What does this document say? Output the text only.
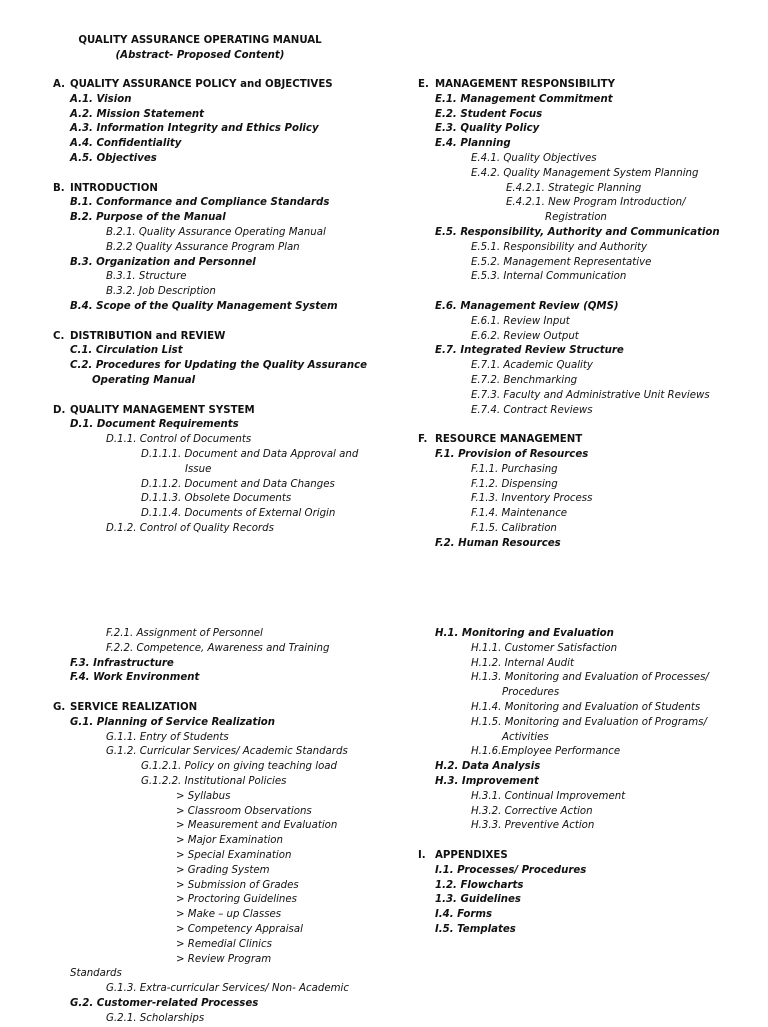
QUALITY ASSURANCE OPERATING MANUAL
(Abstract- Proposed Content)
A. QUALITY ASSURANCE POLICY and OBJECTIVES
A.1. Vision
A.2. Mission Statement
A.3. Information Integrity and Ethics Policy
A.4. Confidentiality
A.5. Objectives
B. INTRODUCTION
B.1. Conformance and Compliance Standards
B.2. Purpose of the Manual
B.2.1. Quality Assurance Operating Manual
B.2.2 Quality Assurance Program Plan
B.3. Organization and Personnel
B.3.1. Structure
B.3.2. Job Description
B.4. Scope of the Quality Management System
C. DISTRIBUTION and REVIEW
C.1. Circulation List
C.2. Procedures for Updating the Quality Assurance
Operating Manual
D. QUALITY MANAGEMENT SYSTEM
D.1. Document Requirements
D.1.1. Control of Documents
D.1.1.1. Document and Data Approval and
Issue
D.1.1.2. Document and Data Changes
D.1.1.3. Obsolete Documents
D.1.1.4. Documents of External Origin
D.1.2. Control of Quality Records
E. MANAGEMENT RESPONSIBILITY
E.1. Management Commitment
E.2. Student Focus
E.3. Quality Policy
E.4. Planning
E.4.1. Quality Objectives
E.4.2. Quality Management System Planning
E.4.2.1. Strategic Planning
E.4.2.1. New Program Introduction/
Registration
E.5. Responsibility, Authority and Communication
E.5.1. Responsibility and Authority
E.5.2. Management Representative
E.5.3. Internal Communication
E.6. Management Review (QMS)
E.6.1. Review Input
E.6.2. Review Output
E.7. Integrated Review Structure
E.7.1. Academic Quality
E.7.2. Benchmarking
E.7.3. Faculty and Administrative Unit Reviews
E.7.4. Contract Reviews
F. RESOURCE MANAGEMENT
F.1. Provision of Resources
F.1.1. Purchasing
F.1.2. Dispensing
F.1.3. Inventory Process
F.1.4. Maintenance
F.1.5. Calibration
F.2. Human Resources
F.2.1. Assignment of Personnel
F.2.2. Competence, Awareness and Training
F.3. Infrastructure
F.4. Work Environment
G. SERVICE REALIZATION
G.1. Planning of Service Realization
G.1.1. Entry of Students
G.1.2. Curricular Services/ Academic Standards
G.1.2.1. Policy on giving teaching load
G.1.2.2. Institutional Policies
> Syllabus
> Classroom Observations
> Measurement and Evaluation
> Major Examination
> Special Examination
> Grading System
> Submission of Grades
> Proctoring Guidelines
> Make – up Classes
> Competency Appraisal
> Remedial Clinics
> Review Program
Standards
G.1.3. Extra-curricular Services/ Non- Academic
G.2. Customer-related Processes
G.2.1. Scholarships
H.1. Monitoring and Evaluation
H.1.1. Customer Satisfaction
H.1.2. Internal Audit
H.1.3. Monitoring and Evaluation of Processes/
Procedures
H.1.4. Monitoring and Evaluation of Students
H.1.5. Monitoring and Evaluation of Programs/
Activities
H.1.6.Employee Performance
H.2. Data Analysis
H.3. Improvement
H.3.1. Continual Improvement
H.3.2. Corrective Action
H.3.3. Preventive Action
I. APPENDIXES
I.1. Processes/ Procedures
1.2. Flowcharts
1.3. Guidelines
I.4. Forms
I.5. Templates
